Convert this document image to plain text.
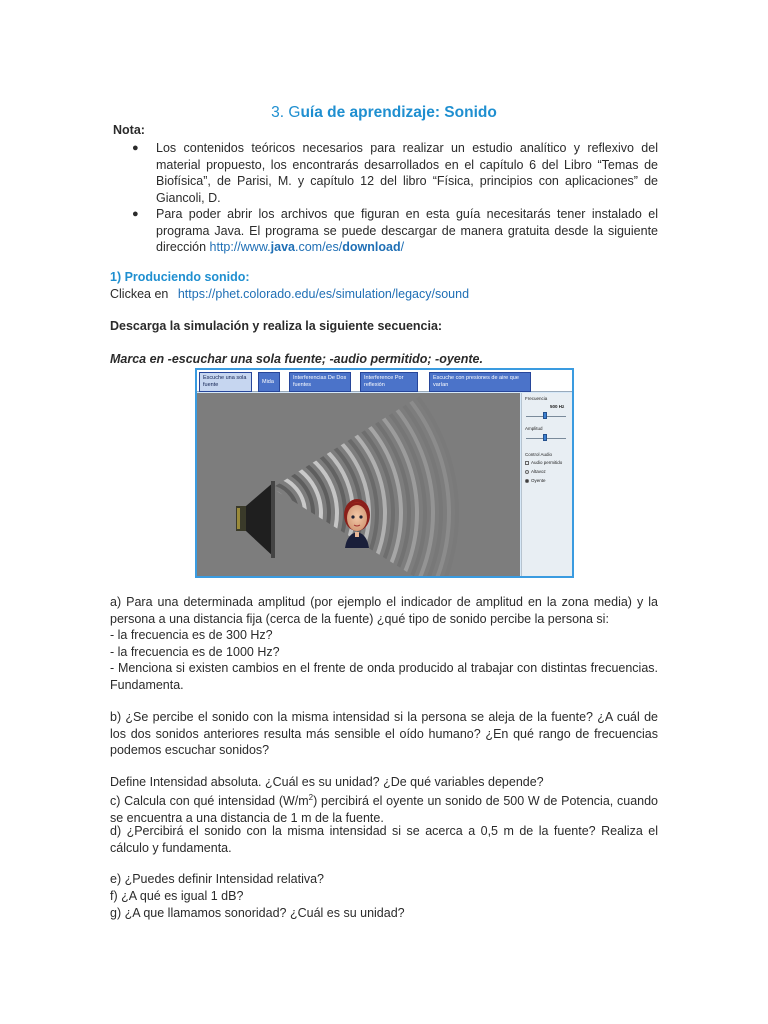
3. Guía de aprendizaje: Sonido
Nota:
● Los contenidos teóricos necesarios para realizar un estudio analítico y reflexivo del material propuesto, los encontrarás desarrollados en el capítulo 6 del Libro “Temas de Biofísica”, de Parisi, M. y capítulo 12 del libro “Física, principios con aplicaciones” de Giancoli, D.
● Para poder abrir los archivos que figuran en esta guía necesitarás tener instalado el programa Java. El programa se puede descargar de manera gratuita desde la siguiente dirección http://www.java.com/es/download/
1) Produciendo sonido:
Clickea en https://phet.colorado.edu/es/simulation/legacy/sound
Descarga la simulación y realiza la siguiente secuencia:
Marca en -escuchar una sola fuente; -audio permitido; -oyente.
Escuche una sola fuente	Mida
Interferencias De Dos fuentes
Interference Por reflexión
Escuche con presiones de aire que varían
Frecuencia
500 Hz
Amplitud
Control Audio
Audio permitido
Altavoz
Oyente
a) Para una determinada amplitud (por ejemplo el indicador de amplitud en la zona media) y la persona a una distancia fija (cerca de la fuente) ¿qué tipo de sonido percibe la persona si:
- la frecuencia es de 300 Hz?
- la frecuencia es de 1000 Hz?
- Menciona si existen cambios en el frente de onda producido al trabajar con distintas frecuencias. Fundamenta.
b) ¿Se percibe el sonido con la misma intensidad si la persona se aleja de la fuente? ¿A cuál de los dos sonidos anteriores resulta más sensible el oído humano? ¿En qué rango de frecuencias podemos escuchar sonidos?
Define Intensidad absoluta. ¿Cuál es su unidad? ¿De qué variables depende?
c) Calcula con qué intensidad $(W/m^2)$ percibirá el oyente un sonido de 500 W de Potencia, cuando se encuentra a una distancia de 1 m de la fuente.
d) ¿Percibirá el sonido con la misma intensidad si se acerca a 0,5 m de la fuente? Realiza el cálculo y fundamenta.
e) ¿Puedes definir Intensidad relativa?
f) ¿A qué es igual 1 dB?
g) ¿A que llamamos sonoridad? ¿Cuál es su unidad?
